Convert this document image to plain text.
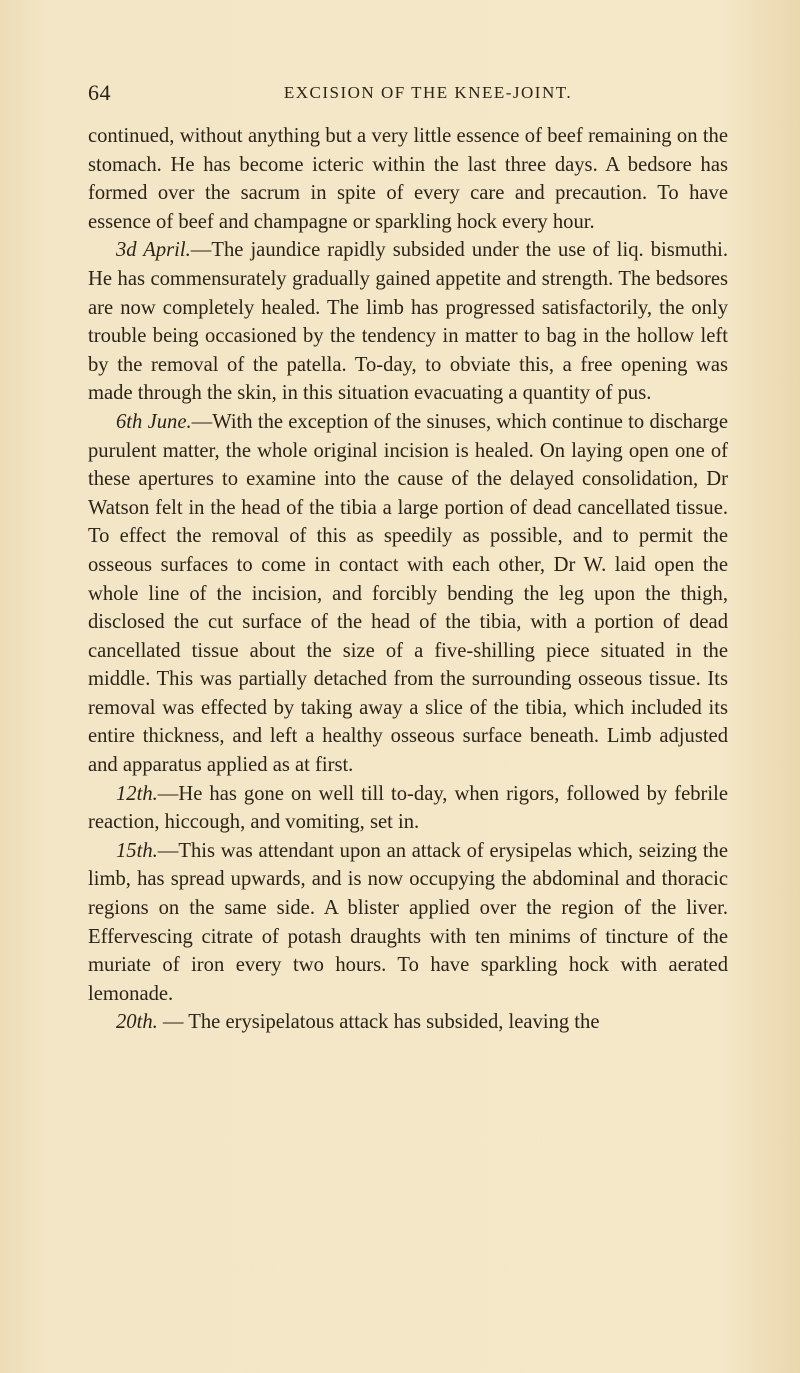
64	EXCISION OF THE KNEE-JOINT.

continued, without anything but a very little essence of beef remaining on the stomach. He has become icteric within the last three days. A bedsore has formed over the sacrum in spite of every care and precaution. To have essence of beef and champagne or sparkling hock every hour.

3d April.—The jaundice rapidly subsided under the use of liq. bismuthi. He has commensurately gradually gained appetite and strength. The bedsores are now completely healed. The limb has progressed satisfactorily, the only trouble being occasioned by the tendency in matter to bag in the hollow left by the removal of the patella. To-day, to obviate this, a free opening was made through the skin, in this situation evacuating a quantity of pus.

6th June.—With the exception of the sinuses, which continue to discharge purulent matter, the whole original incision is healed. On laying open one of these apertures to examine into the cause of the delayed consolidation, Dr Watson felt in the head of the tibia a large portion of dead cancellated tissue. To effect the removal of this as speedily as possible, and to permit the osseous surfaces to come in contact with each other, Dr W. laid open the whole line of the incision, and forcibly bending the leg upon the thigh, disclosed the cut surface of the head of the tibia, with a portion of dead cancellated tissue about the size of a five-shilling piece situated in the middle. This was partially detached from the surrounding osseous tissue. Its removal was effected by taking away a slice of the tibia, which included its entire thickness, and left a healthy osseous surface beneath. Limb adjusted and apparatus applied as at first.

12th.—He has gone on well till to-day, when rigors, followed by febrile reaction, hiccough, and vomiting, set in.

15th.—This was attendant upon an attack of erysipelas which, seizing the limb, has spread upwards, and is now occupying the abdominal and thoracic regions on the same side. A blister applied over the region of the liver. Effervescing citrate of potash draughts with ten minims of tincture of the muriate of iron every two hours. To have sparkling hock with aerated lemonade.

20th. — The erysipelatous attack has subsided, leaving the
